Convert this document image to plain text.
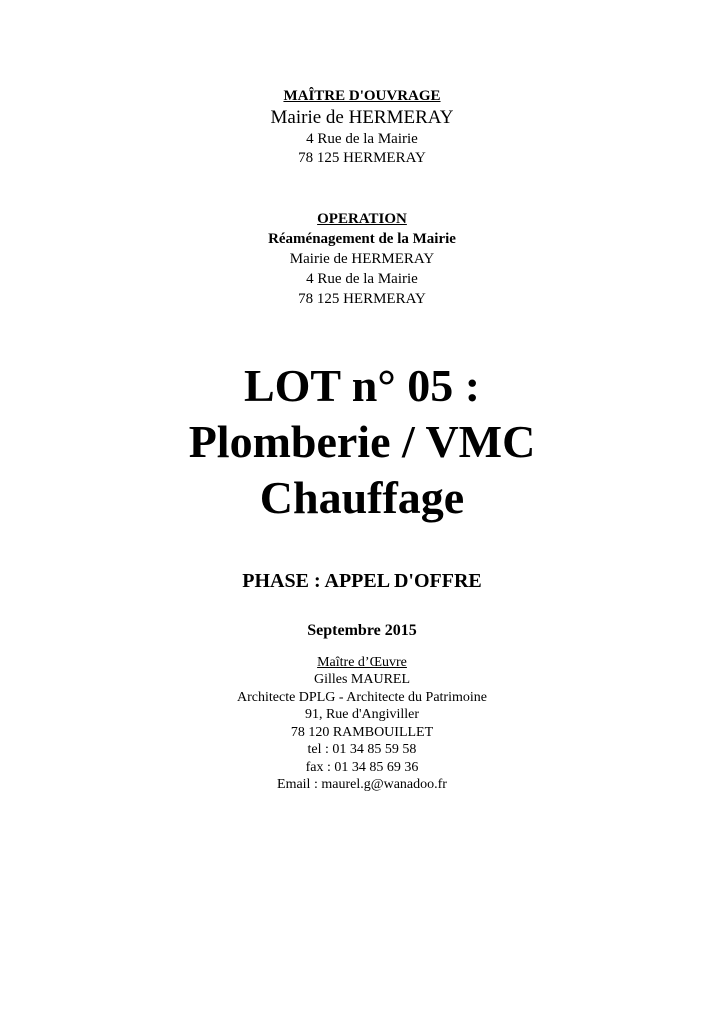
MAÎTRE D'OUVRAGE
Mairie de HERMERAY
4 Rue de la Mairie
78 125 HERMERAY
OPERATION
Réaménagement de la Mairie
Mairie de HERMERAY
4 Rue de la Mairie
78 125 HERMERAY
LOT n° 05 :
Plomberie / VMC
Chauffage
PHASE : APPEL D'OFFRE
Septembre 2015
Maître d’Œuvre
Gilles MAUREL
Architecte DPLG - Architecte du Patrimoine
91, Rue d'Angiviller
78 120 RAMBOUILLET
tel : 01 34 85 59 58
fax : 01 34 85 69 36
Email : maurel.g@wanadoo.fr
